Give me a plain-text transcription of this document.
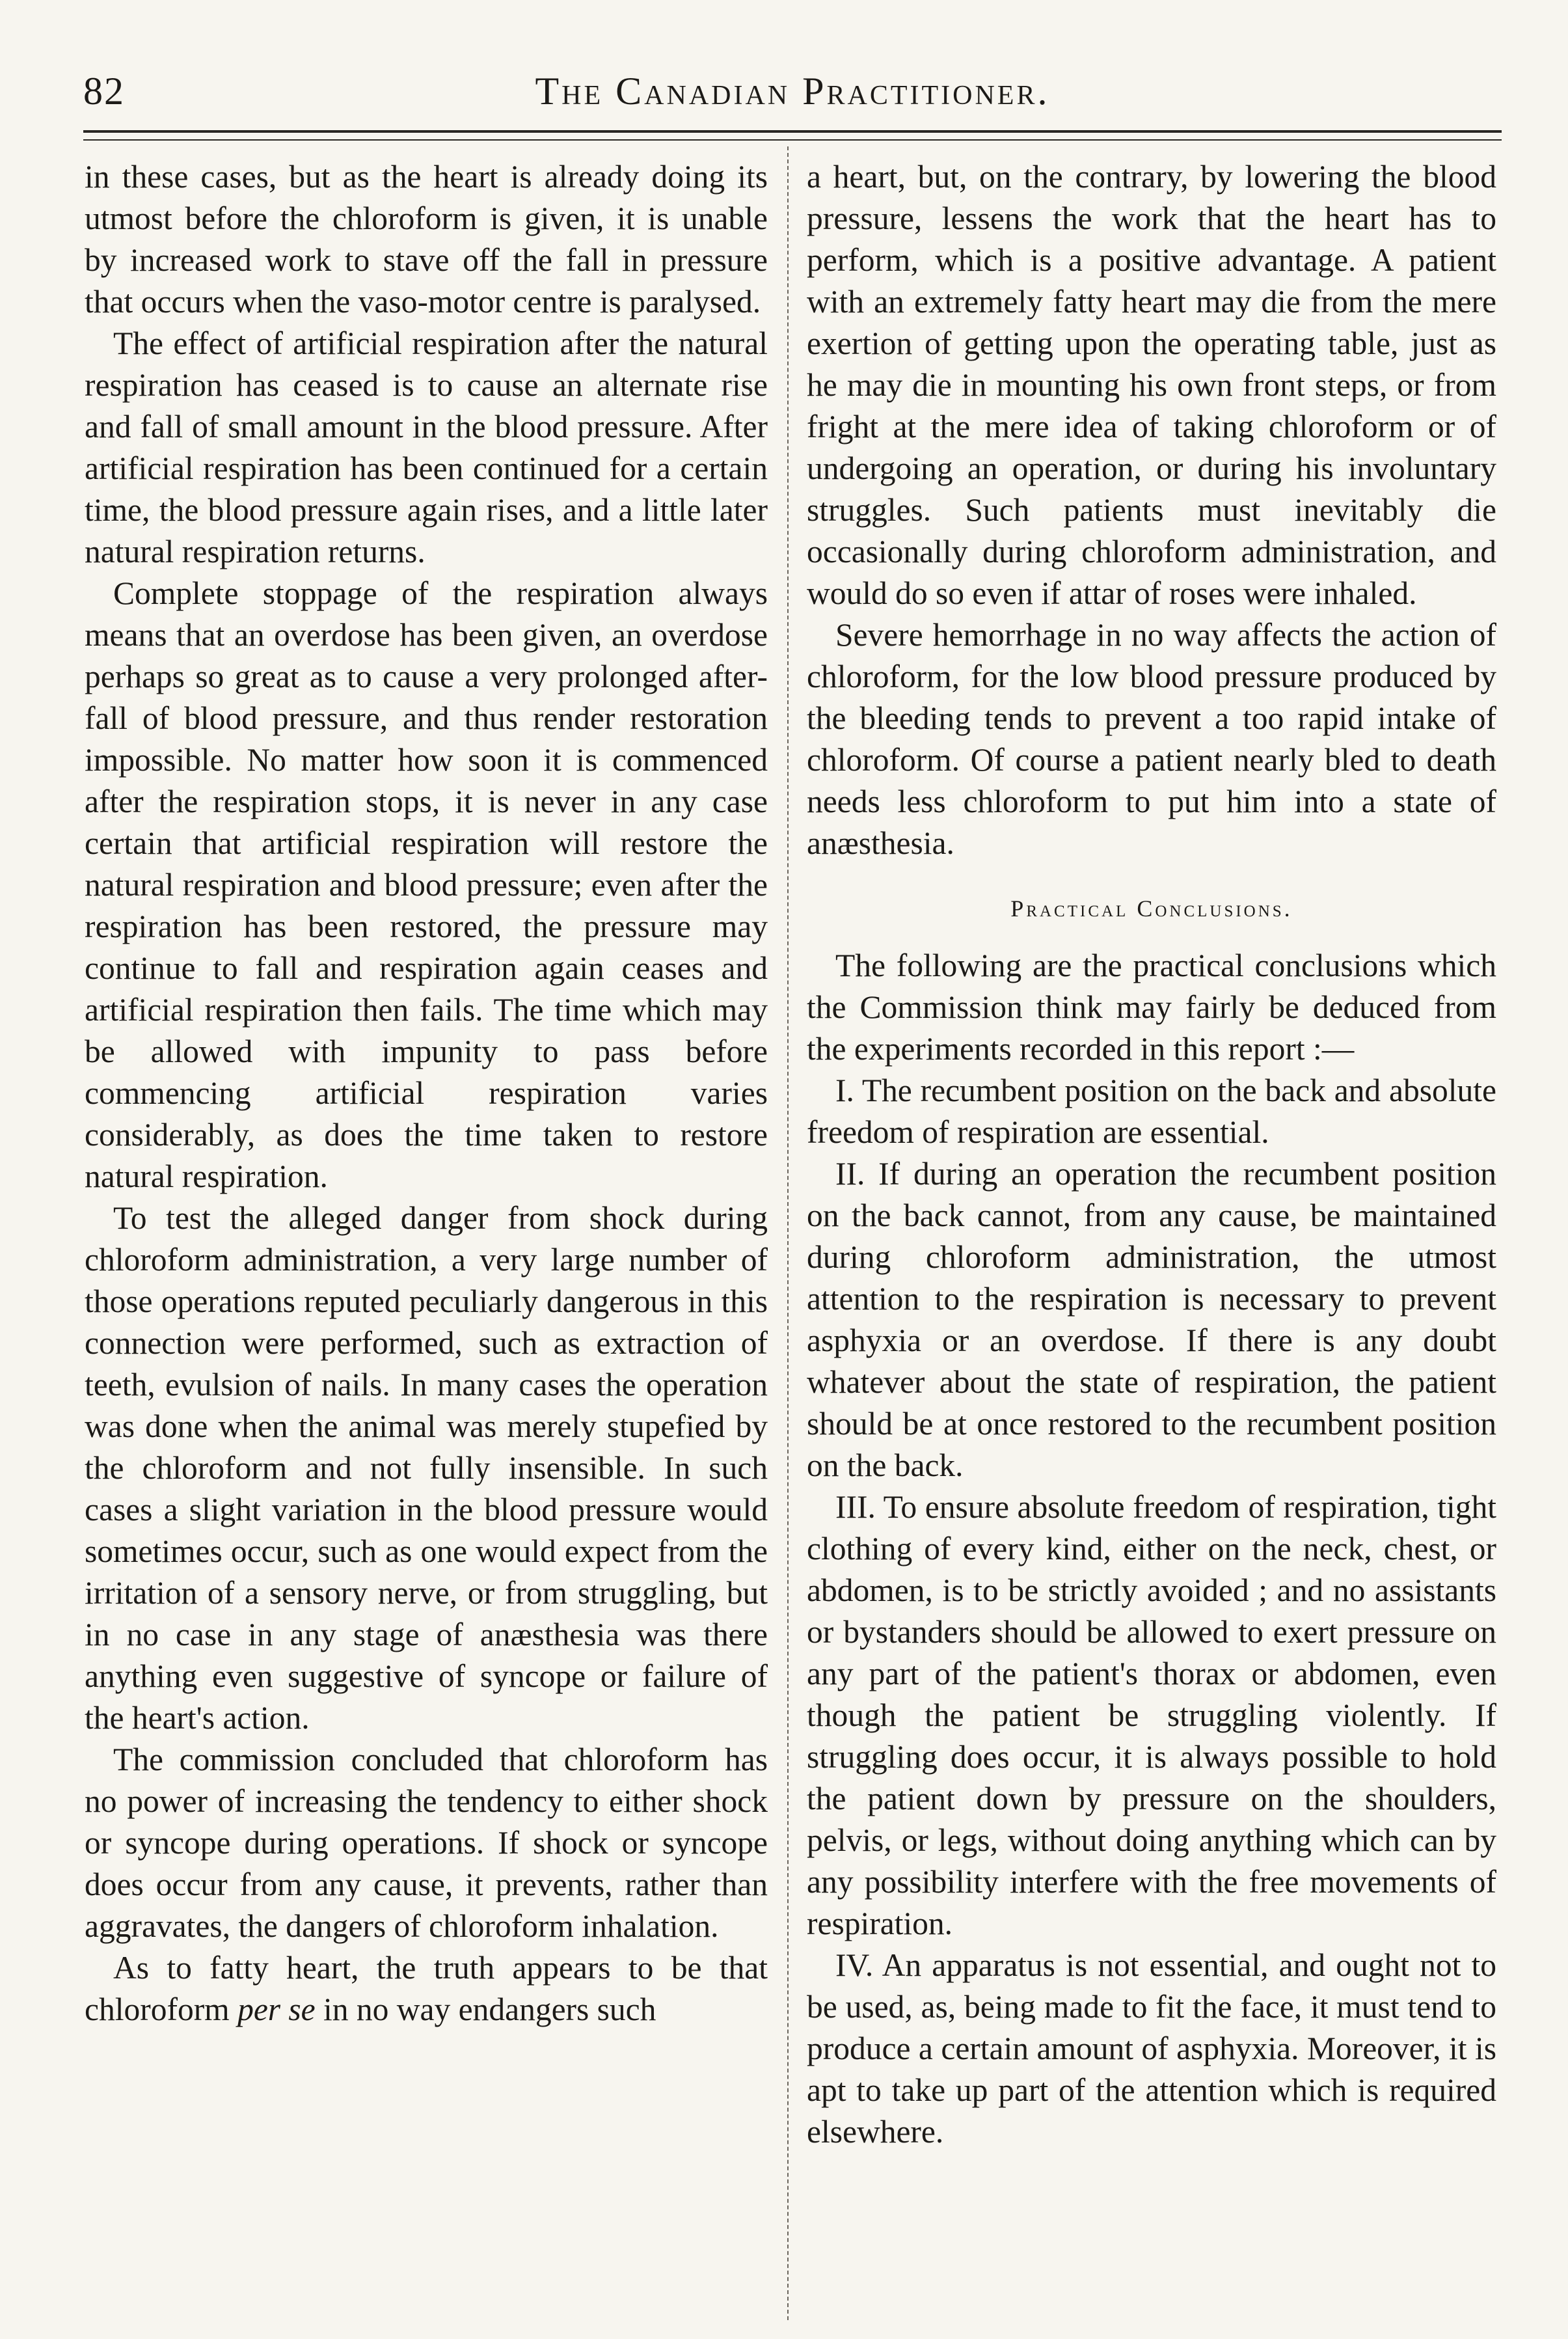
82	The Canadian Practitioner.

in these cases, but as the heart is already doing its utmost before the chloroform is given, it is unable by increased work to stave off the fall in pressure that occurs when the vaso-motor centre is paralysed.

The effect of artificial respiration after the natural respiration has ceased is to cause an alternate rise and fall of small amount in the blood pressure. After artificial respiration has been continued for a certain time, the blood pressure again rises, and a little later natural respiration returns.

Complete stoppage of the respiration always means that an overdose has been given, an overdose perhaps so great as to cause a very prolonged after-fall of blood pressure, and thus render restoration impossible. No matter how soon it is commenced after the respiration stops, it is never in any case certain that artificial respiration will restore the natural respiration and blood pressure; even after the respiration has been restored, the pressure may continue to fall and respiration again ceases and artificial respiration then fails. The time which may be allowed with impunity to pass before commencing artificial respiration varies considerably, as does the time taken to restore natural respiration.

To test the alleged danger from shock during chloroform administration, a very large number of those operations reputed peculiarly dangerous in this connection were performed, such as extraction of teeth, evulsion of nails. In many cases the operation was done when the animal was merely stupefied by the chloroform and not fully insensible. In such cases a slight variation in the blood pressure would sometimes occur, such as one would expect from the irritation of a sensory nerve, or from struggling, but in no case in any stage of anæsthesia was there anything even suggestive of syncope or failure of the heart's action.

The commission concluded that chloroform has no power of increasing the tendency to either shock or syncope during operations. If shock or syncope does occur from any cause, it prevents, rather than aggravates, the dangers of chloroform inhalation.

As to fatty heart, the truth appears to be that chloroform per se in no way endangers such

a heart, but, on the contrary, by lowering the blood pressure, lessens the work that the heart has to perform, which is a positive advantage. A patient with an extremely fatty heart may die from the mere exertion of getting upon the operating table, just as he may die in mounting his own front steps, or from fright at the mere idea of taking chloroform or of undergoing an operation, or during his involuntary struggles. Such patients must inevitably die occasionally during chloroform administration, and would do so even if attar of roses were inhaled.

Severe hemorrhage in no way affects the action of chloroform, for the low blood pressure produced by the bleeding tends to prevent a too rapid intake of chloroform. Of course a patient nearly bled to death needs less chloroform to put him into a state of anæsthesia.

Practical Conclusions.

The following are the practical conclusions which the Commission think may fairly be deduced from the experiments recorded in this report :—

I. The recumbent position on the back and absolute freedom of respiration are essential.

II. If during an operation the recumbent position on the back cannot, from any cause, be maintained during chloroform administration, the utmost attention to the respiration is necessary to prevent asphyxia or an overdose. If there is any doubt whatever about the state of respiration, the patient should be at once restored to the recumbent position on the back.

III. To ensure absolute freedom of respiration, tight clothing of every kind, either on the neck, chest, or abdomen, is to be strictly avoided ; and no assistants or bystanders should be allowed to exert pressure on any part of the patient's thorax or abdomen, even though the patient be struggling violently. If struggling does occur, it is always possible to hold the patient down by pressure on the shoulders, pelvis, or legs, without doing anything which can by any possibility interfere with the free movements of respiration.

IV. An apparatus is not essential, and ought not to be used, as, being made to fit the face, it must tend to produce a certain amount of asphyxia. Moreover, it is apt to take up part of the attention which is required elsewhere.
